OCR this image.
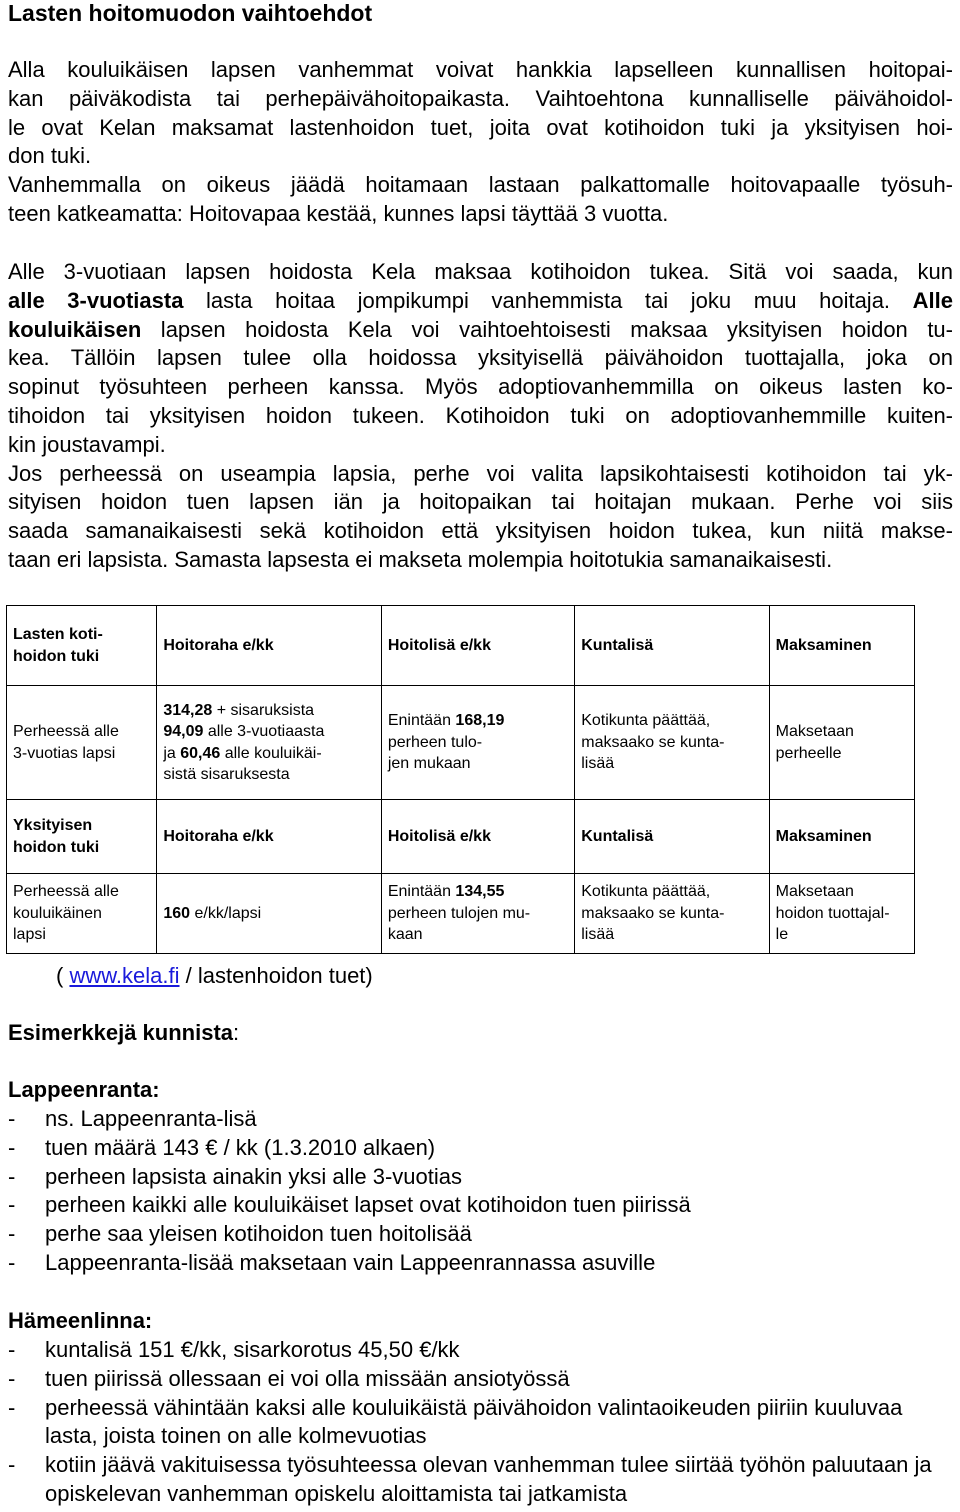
Lasten hoitomuodon vaihtoehdot
Alla kouluikäisen lapsen vanhemmat voivat hankkia lapselleen kunnallisen hoitopai-
kan päiväkodista tai perhepäivähoitopaikasta. Vaihtoehtona kunnalliselle päivähoidol-
le ovat Kelan maksamat lastenhoidon tuet, joita ovat kotihoidon tuki ja yksityisen hoi-
don tuki.
Vanhemmalla on oikeus jäädä hoitamaan lastaan palkattomalle hoitovapaalle työsuh-
teen katkeamatta: Hoitovapaa kestää, kunnes lapsi täyttää 3 vuotta.
Alle 3-vuotiaan lapsen hoidosta Kela maksaa kotihoidon tukea. Sitä voi saada, kun
alle 3-vuotiasta lasta hoitaa jompikumpi vanhemmista tai joku muu hoitaja. Alle
kouluikäisen lapsen hoidosta Kela voi vaihtoehtoisesti maksaa yksityisen hoidon tu-
kea. Tällöin lapsen tulee olla hoidossa yksityisellä päivähoidon tuottajalla, joka on
sopinut työsuhteen perheen kanssa. Myös adoptiovanhemmilla on oikeus lasten ko-
tihoidon tai yksityisen hoidon tukeen. Kotihoidon tuki on adoptiovanhemmille kuiten-
kin joustavampi.
Jos perheessä on useampia lapsia, perhe voi valita lapsikohtaisesti kotihoidon tai yk-
sityisen hoidon tuen lapsen iän ja hoitopaikan tai hoitajan mukaan. Perhe voi siis
saada samanaikaisesti sekä kotihoidon että yksityisen hoidon tukea, kun niitä makse-
taan eri lapsista. Samasta lapsesta ei makseta molempia hoitotukia samanaikaisesti.
Lasten koti-
hoidon tuki	Hoitoraha e/kk	Hoitolisä e/kk	Kuntalisä	Maksaminen

Perheessä alle
3-vuotias lapsi	314,28 + sisaruksista
94,09 alle 3-vuotiaasta
ja 60,46 alle kouluikäi-
sistä sisaruksesta	Enintään 168,19
perheen tulo-
jen mukaan	Kotikunta päättää,
maksaako se kunta-
lisää	Maksetaan
perheelle

Yksityisen
hoidon tuki	Hoitoraha e/kk	Hoitolisä e/kk	Kuntalisä	Maksaminen

Perheessä alle
kouluikäinen
lapsi	160 e/kk/lapsi	Enintään 134,55
perheen tulojen mu-
kaan	Kotikunta päättää,
maksaako se kunta-
lisää	Maksetaan
hoidon tuottajal-
le
( www.kela.fi / lastenhoidon tuet)
Esimerkkejä kunnista:
Lappeenranta:
- ns. Lappeenranta-lisä
- tuen määrä 143 € / kk (1.3.2010 alkaen)
- perheen lapsista ainakin yksi alle 3-vuotias
- perheen kaikki alle kouluikäiset lapset ovat kotihoidon tuen piirissä
- perhe saa yleisen kotihoidon tuen hoitolisää
- Lappeenranta-lisää maksetaan vain Lappeenrannassa asuville
Hämeenlinna:
- kuntalisä 151 €/kk, sisarkorotus 45,50 €/kk
- tuen piirissä ollessaan ei voi olla missään ansiotyössä
- perheessä vähintään kaksi alle kouluikäistä päivähoidon valintaoikeuden piiriin kuuluvaa lasta, joista toinen on alle kolmevuotias
- kotiin jäävä vakituisessa työsuhteessa olevan vanhemman tulee siirtää työhön paluutaan ja opiskelevan vanhemman opiskelu aloittamista tai jatkamista
